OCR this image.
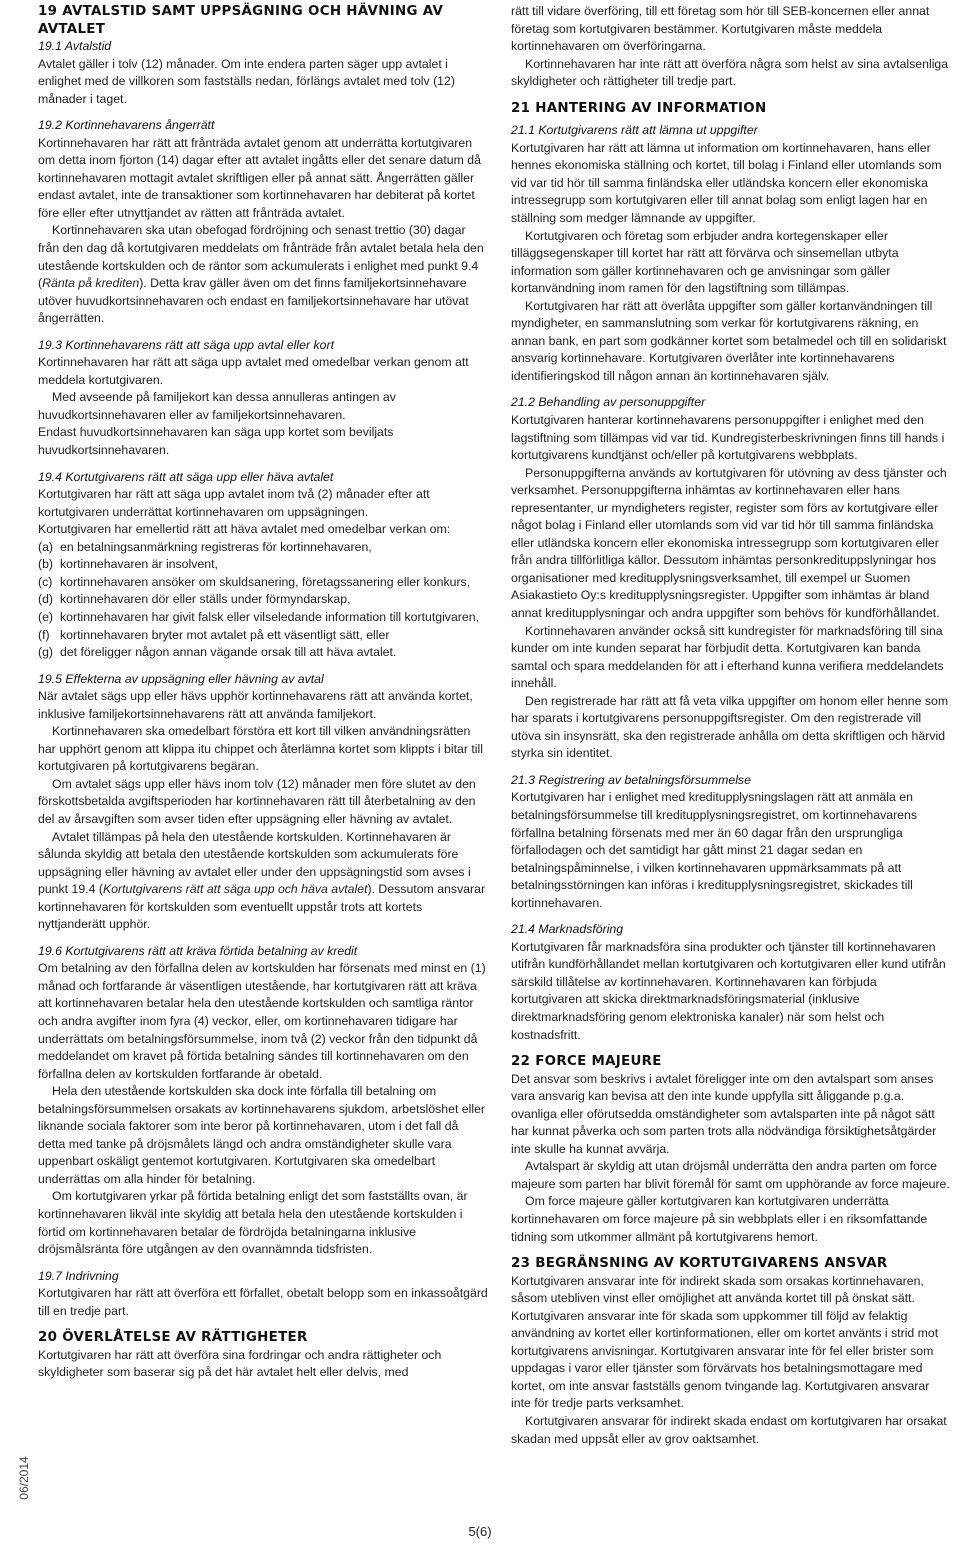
19 AVTALSTID SAMT UPPSÄGNING OCH HÄVNING AV AVTALET
19.1 Avtalstid

Avtalet gäller i tolv (12) månader. Om inte endera parten säger upp avtalet i enlighet med de villkoren som fastställs nedan, förlängs avtalet med tolv (12) månader i taget.

19.2 Kortinnehavarens ångerrätt

Kortinnehavaren har rätt att frånträda avtalet genom att underrätta kortutgivaren om detta inom fjorton (14) dagar efter att avtalet ingåtts eller det senare datum då kortinnehavaren mottagit avtalet skriftligen eller på annat sätt. Ångerrätten gäller endast avtalet, inte de transaktioner som kortinnehavaren har debiterat på kortet före eller efter utnyttjandet av rätten att frånträda avtalet.

Kortinnehavaren ska utan obefogad fördröjning och senast trettio (30) dagar från den dag då kortutgivaren meddelats om frånträde från avtalet betala hela den utestående kortskulden och de räntor som ackumulerats i enlighet med punkt 9.4 (Ränta på krediten). Detta krav gäller även om det finns familjekortsinnehavare utöver huvudkortsinnehavaren och endast en familjekortsinnehavare har utövat ångerrätten.

19.3 Kortinnehavarens rätt att säga upp avtal eller kort

Kortinnehavaren har rätt att säga upp avtalet med omedelbar verkan genom att meddela kortutgivaren.

Med avseende på familjekort kan dessa annulleras antingen av huvudkortsinnehavaren eller av familjekortsinnehavaren.

Endast huvudkortsinnehavaren kan säga upp kortet som beviljats huvudkortsinnehavaren.

19.4 Kortutgivarens rätt att säga upp eller häva avtalet

Kortutgivaren har rätt att säga upp avtalet inom två (2) månader efter att kortutgivaren underrättat kortinnehavaren om uppsägningen.

Kortutgivaren har emellertid rätt att häva avtalet med omedelbar verkan om:

(a) en betalningsanmärkning registreras för kortinnehavaren,
(b) kortinnehavaren är insolvent,
(c) kortinnehavaren ansöker om skuldsanering, företagssanering eller konkurs,
(d) kortinnehavaren dör eller ställs under förmyndarskap,
(e) kortinnehavaren har givit falsk eller vilseledande information till kortutgivaren,
(f) kortinnehavaren bryter mot avtalet på ett väsentligt sätt, eller
(g) det föreligger någon annan vägande orsak till att häva avtalet.
19.5 Effekterna av uppsägning eller hävning av avtal

När avtalet sägs upp eller hävs upphör kortinnehavarens rätt att använda kortet, inklusive familjekortsinnehavarens rätt att använda familjekort.

Kortinnehavaren ska omedelbart förstöra ett kort till vilken användningsrätten har upphört genom att klippa itu chippet och återlämna kortet som klippts i bitar till kortutgivaren på kortutgivarens begäran.

Om avtalet sägs upp eller hävs inom tolv (12) månader men före slutet av den förskottsbetalda avgiftsperioden har kortinnehavaren rätt till återbetalning av den del av årsavgiften som avser tiden efter uppsägning eller hävning av avtalet.

Avtalet tillämpas på hela den utestående kortskulden. Kortinnehavaren är sålunda skyldig att betala den utestående kortskulden som ackumulerats före uppsägning eller hävning av avtalet eller under den uppsägningstid som avses i punkt 19.4 (Kortutgivarens rätt att säga upp och häva avtalet). Dessutom ansvarar kortinnehavaren för kortskulden som eventuellt uppstår trots att kortets nyttjanderätt upphör.

19.6 Kortutgivarens rätt att kräva förtida betalning av kredit

Om betalning av den förfallna delen av kortskulden har försenats med minst en (1) månad och fortfarande är väsentligen utestående, har kortutgivaren rätt att kräva att kortinnehavaren betalar hela den utestående kortskulden och samtliga räntor och andra avgifter inom fyra (4) veckor, eller, om kortinnehavaren tidigare har underrättats om betalningsförsummelse, inom två (2) veckor från den tidpunkt då meddelandet om kravet på förtida betalning sändes till kortinnehavaren om den förfallna delen av kortskulden fortfarande är obetald.

Hela den utestående kortskulden ska dock inte förfalla till betalning om betalningsförsummelsen orsakats av kortinnehavarens sjukdom, arbetslöshet eller liknande sociala faktorer som inte beror på kortinnehavaren, utom i det fall då detta med tanke på dröjsmålets längd och andra omständigheter skulle vara uppenbart oskäligt gentemot kortutgivaren. Kortutgivaren ska omedelbart underrättas om alla hinder för betalning.

Om kortutgivaren yrkar på förtida betalning enligt det som fastställts ovan, är kortinnehavaren likväl inte skyldig att betala hela den utestående kortskulden i förtid om kortinnehavaren betalar de fördröjda betalningarna inklusive dröjsmålsränta före utgången av den ovannämnda tidsfristen.

19.7 Indrivning

Kortutgivaren har rätt att överföra ett förfallet, obetalt belopp som en inkassoåtgärd till en tredje part.

20 ÖVERLÅTELSE AV RÄTTIGHETER

Kortutgivaren har rätt att överföra sina fordringar och andra rättigheter och skyldigheter som baserar sig på det här avtalet helt eller delvis, med

rätt till vidare överföring, till ett företag som hör till SEB-koncernen eller annat företag som kortutgivaren bestämmer. Kortutgivaren måste meddela kortinnehavaren om överföringarna.

Kortinnehavaren har inte rätt att överföra några som helst av sina avtalsenliga skyldigheter och rättigheter till tredje part.

21 HANTERING AV INFORMATION
21.1 Kortutgivarens rätt att lämna ut uppgifter

Kortutgivaren har rätt att lämna ut information om kortinnehavaren, hans eller hennes ekonomiska ställning och kortet, till bolag i Finland eller utomlands som vid var tid hör till samma finländska eller utländska koncern eller ekonomiska intressegrupp som kortutgivaren eller till annat bolag som enligt lagen har en ställning som medger lämnande av uppgifter.

Kortutgivaren och företag som erbjuder andra kortegenskaper eller tilläggsegenskaper till kortet har rätt att förvärva och sinsemellan utbyta information som gäller kortinnehavaren och ge anvisningar som gäller kortanvändning inom ramen för den lagstiftning som tillämpas.

Kortutgivaren har rätt att överlåta uppgifter som gäller kortanvändningen till myndigheter, en sammanslutning som verkar för kortutgivarens räkning, en annan bank, en part som godkänner kortet som betalmedel och till en solidariskt ansvarig kortinnehavare. Kortutgivaren överlåter inte kortinnehavarens identifieringskod till någon annan än kortinnehavaren själv.

21.2 Behandling av personuppgifter

Kortutgivaren hanterar kortinnehavarens personuppgifter i enlighet med den lagstiftning som tillämpas vid var tid. Kundregisterbeskrivningen finns till hands i kortutgivarens kundtjänst och/eller på kortutgivarens webbplats.

Personuppgifterna används av kortutgivaren för utövning av dess tjänster och verksamhet. Personuppgifterna inhämtas av kortinnehavaren eller hans representanter, ur myndigheters register, register som förs av kortutgivare eller något bolag i Finland eller utomlands som vid var tid hör till samma finländska eller utländska koncern eller ekonomiska intressegrupp som kortutgivaren eller från andra tillförlitliga källor. Dessutom inhämtas personkredituppslyningar hos organisationer med kreditupplysningsverksamhet, till exempel ur Suomen Asiakastieto Oy:s kreditupplysningsregister. Uppgifter som inhämtas är bland annat kreditupplysningar och andra uppgifter som behövs för kundförhållandet.

Kortinnehavaren använder också sitt kundregister för marknadsföring till sina kunder om inte kunden separat har förbjudit detta. Kortutgivaren kan banda samtal och spara meddelanden för att i efterhand kunna verifiera meddelandets innehåll.

Den registrerade har rätt att få veta vilka uppgifter om honom eller henne som har sparats i kortutgivarens personuppgiftsregister. Om den registrerade vill utöva sin insynsrätt, ska den registrerade anhålla om detta skriftligen och härvid styrka sin identitet.

21.3 Registrering av betalningsförsummelse

Kortutgivaren har i enlighet med kreditupplysningslagen rätt att anmäla en betalningsförsummelse till kreditupplysningsregistret, om kortinnehavarens förfallna betalning försenats med mer än 60 dagar från den ursprungliga förfallodagen och det samtidigt har gått minst 21 dagar sedan en betalningspåminnelse, i vilken kortinnehavaren uppmärksammats på att betalningsstörningen kan införas i kreditupplysningsregistret, skickades till kortinnehavaren.

21.4 Marknadsföring

Kortutgivaren får marknadsföra sina produkter och tjänster till kortinnehavaren utifrån kundförhållandet mellan kortutgivaren och kortutgivaren eller kund utifrån särskild tillåtelse av kortinnehavaren. Kortinnehavaren kan förbjuda kortutgivaren att skicka direktmarknadsföringsmaterial (inklusive direktmarknadsföring genom elektroniska kanaler) när som helst och kostnadsfritt.

22 FORCE MAJEURE

Det ansvar som beskrivs i avtalet föreligger inte om den avtalspart som anses vara ansvarig kan bevisa att den inte kunde uppfylla sitt åliggande p.g.a. ovanliga eller oförutsedda omständigheter som avtalsparten inte på något sätt har kunnat påverka och som parten trots alla nödvändiga försiktighetsåtgärder inte skulle ha kunnat avvärja.

Avtalspart är skyldig att utan dröjsmål underrätta den andra parten om force majeure som parten har blivit föremål för samt om upphörande av force majeure.

Om force majeure gäller kortutgivaren kan kortutgivaren underrätta kortinnehavaren om force majeure på sin webbplats eller i en riksomfattande tidning som utkommer allmänt på kortutgivarens hemort.

23 BEGRÄNSNING AV KORTUTGIVARENS ANSVAR

Kortutgivaren ansvarar inte för indirekt skada som orsakas kortinnehavaren, såsom utebliven vinst eller omöjlighet att använda kortet till på önskat sätt. Kortutgivaren ansvarar inte för skada som uppkommer till följd av felaktig användning av kortet eller kortinformationen, eller om kortet använts i strid mot kortutgivarens anvisningar. Kortutgivaren ansvarar inte för fel eller brister som uppdagas i varor eller tjänster som förvärvats hos betalningsmottagare med kortet, om inte ansvar fastställs genom tvingande lag. Kortutgivaren ansvarar inte för tredje parts verksamhet.

Kortutgivaren ansvarar för indirekt skada endast om kortutgivaren har orsakat skadan med uppsåt eller av grov oaktsamhet.

06/2014
5(6)
